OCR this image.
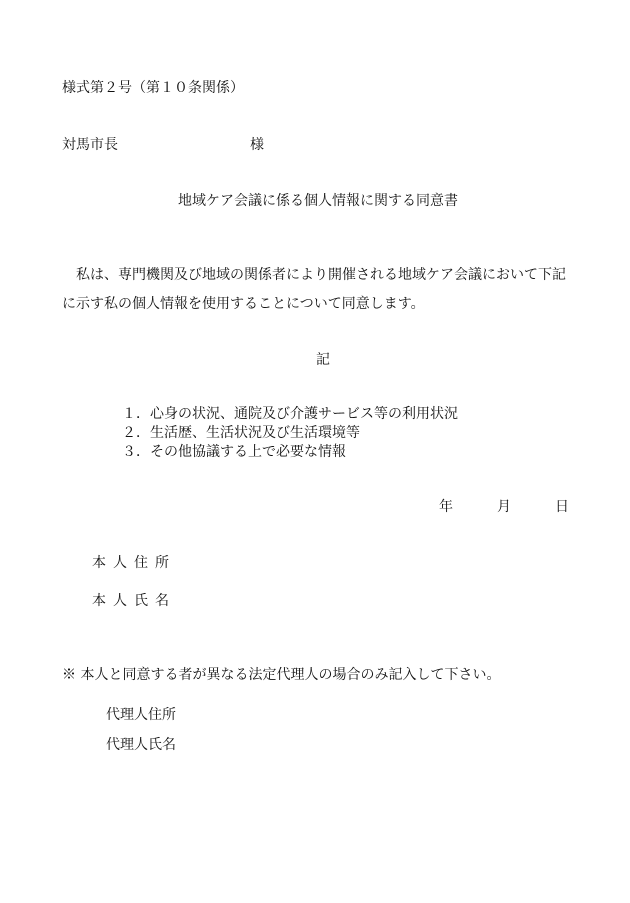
様式第２号（第１０条関係）
対馬市長	様
地域ケア会議に係る個人情報に関する同意書
私は、専門機関及び地域の関係者により開催される地域ケア会議において下記
に示す私の個人情報を使用することについて同意します。
記
１．心身の状況、通院及び介護サービス等の利用状況
２．生活歴、生活状況及び生活環境等
３．その他協議する上で必要な情報
年	月	日
本人住所
本人氏名
※ 本人と同意する者が異なる法定代理人の場合のみ記入して下さい。
代理人住所
代理人氏名
